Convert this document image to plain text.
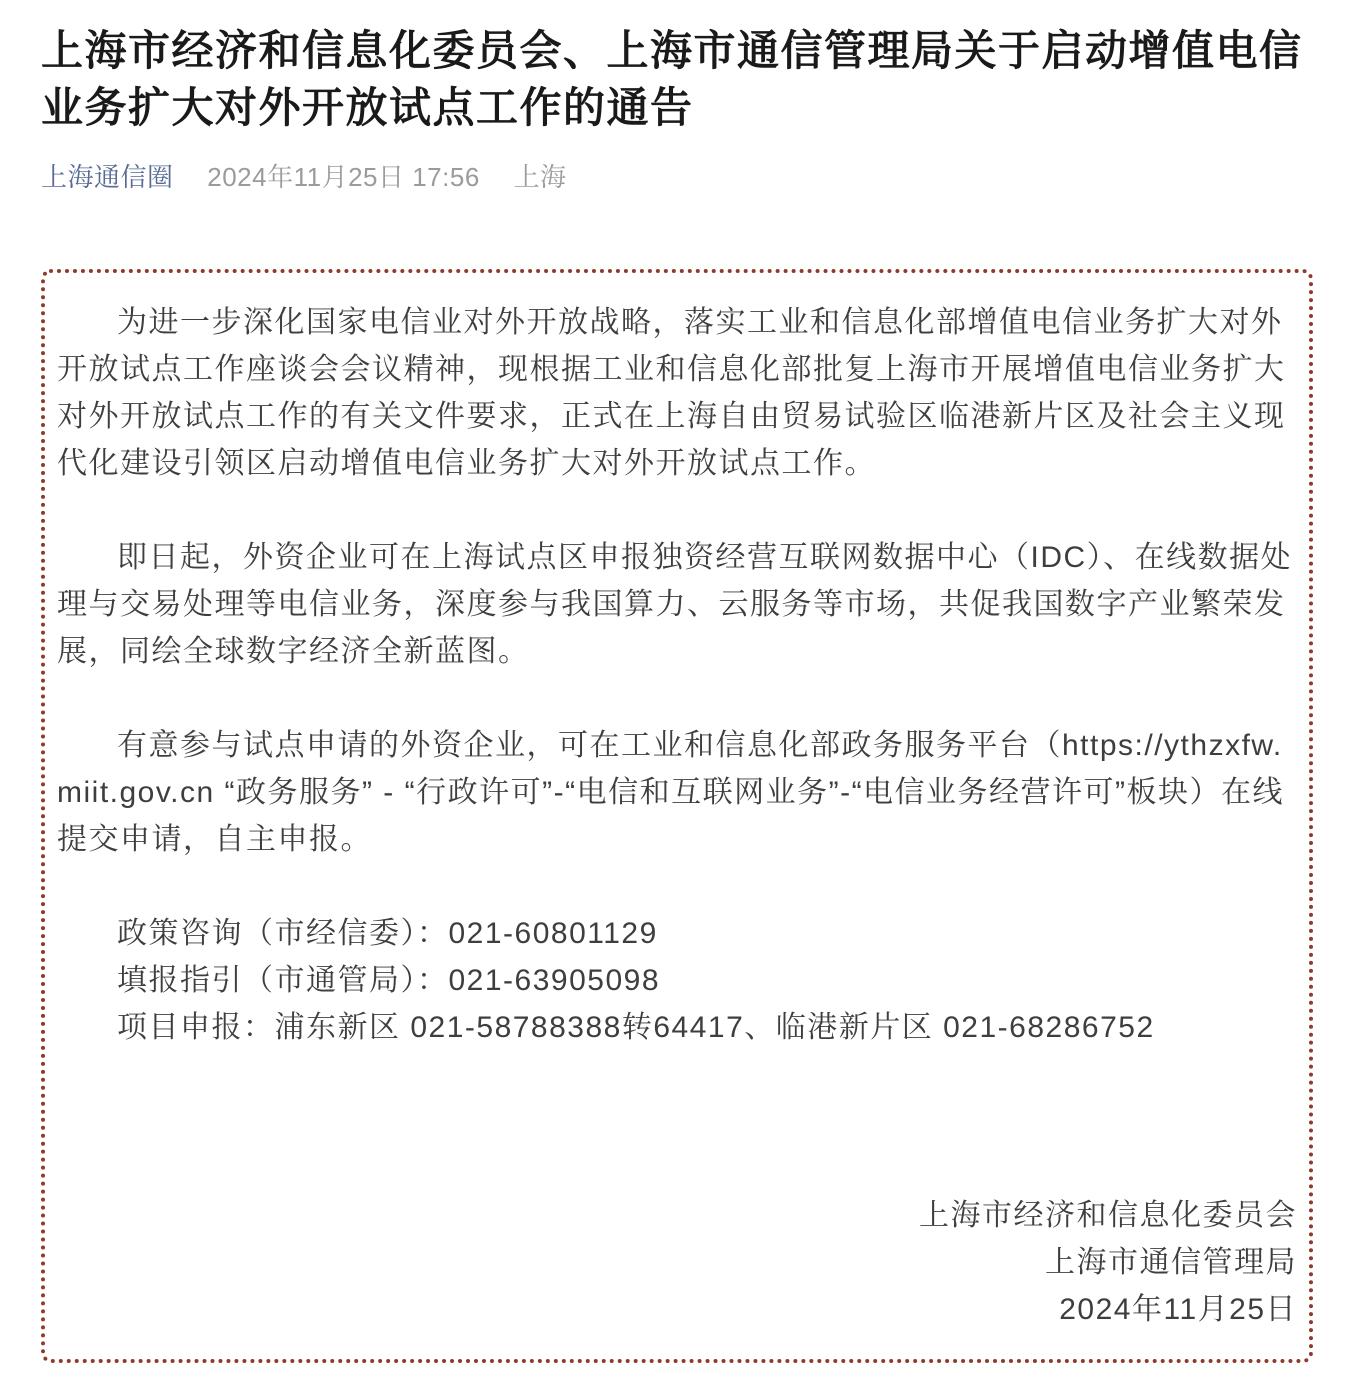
上海市经济和信息化委员会、上海市通信管理局关于启动增值电信业务扩大对外开放试点工作的通告
上海通信圈 2024年11月25日 17:56 上海

为进一步深化国家电信业对外开放战略，落实工业和信息化部增值电信业务扩大对外开放试点工作座谈会会议精神，现根据工业和信息化部批复上海市开展增值电信业务扩大对外开放试点工作的有关文件要求，正式在上海自由贸易试验区临港新片区及社会主义现代化建设引领区启动增值电信业务扩大对外开放试点工作。

即日起，外资企业可在上海试点区申报独资经营互联网数据中心（IDC）、在线数据处理与交易处理等电信业务，深度参与我国算力、云服务等市场，共促我国数字产业繁荣发展，同绘全球数字经济全新蓝图。

有意参与试点申请的外资企业，可在工业和信息化部政务服务平台（https://ythzxfw.miit.gov.cn “政务服务” - “行政许可”-“电信和互联网业务”-“电信业务经营许可”板块）在线提交申请，自主申报。

政策咨询（市经信委）：021-60801129

填报指引（市通管局）：021-63905098

项目申报：浦东新区 021-58788388转64417、临港新片区 021-68286752

上海市经济和信息化委员会

上海市通信管理局

2024年11月25日
